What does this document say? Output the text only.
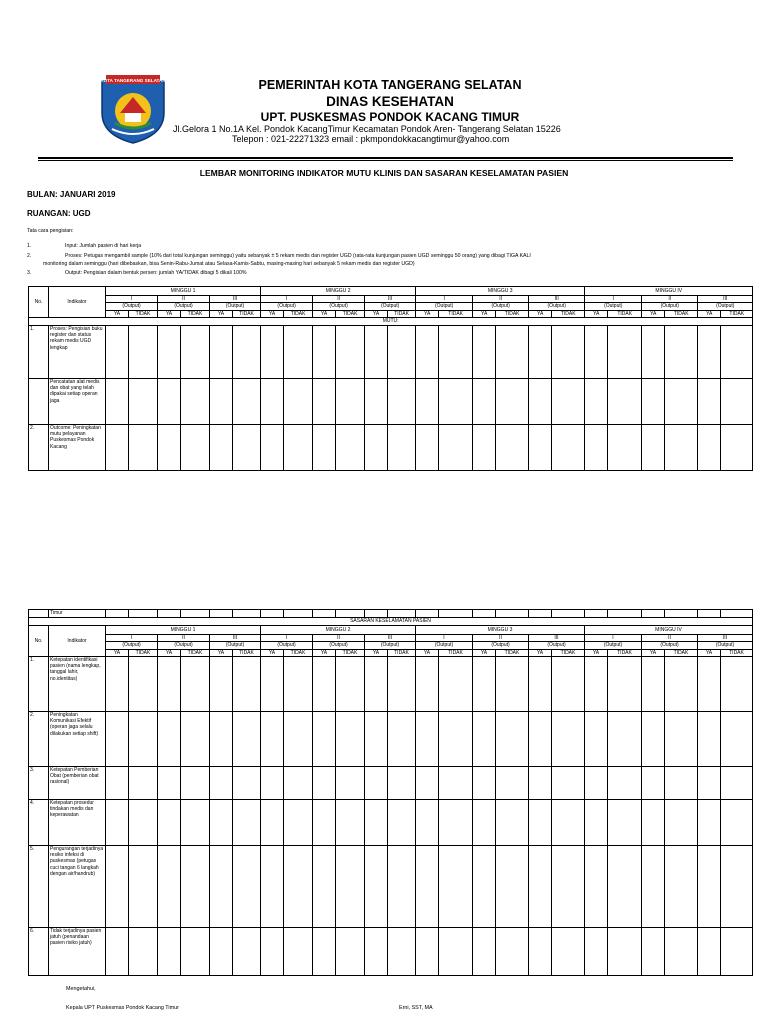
KOTA TANGERANG SELATAN	PEMERINTAH KOTA TANGERANG SELATAN
DINAS KESEHATAN
UPT. PUSKESMAS PONDOK KACANG TIMUR
Jl.Gelora 1 No.1A Kel. Pondok KacangTimur Kecamatan Pondok Aren- Tangerang Selatan 15226
Telepon : 021-22271323 email : pkmpondokkacangtimur@yahoo.com
LEMBAR MONITORING INDIKATOR MUTU KLINIS DAN SASARAN KESELAMATAN PASIEN
BULAN: JANUARI 2019
RUANGAN: UGD
Tata cara pengisian:
1.	Input: Jumlah pasien di hari kerja
2.	Proses: Petugas mengambil sample (10% dari total kunjungan seminggu) yaitu sebanyak ± 5 rekam medis dan register UGD (rata-rata kunjungan pasien UGD seminggu 50 orang) yang dibagi TIGA KALI
monitoring dalam seminggu (hari dibebaskan, bisa Senin-Rabu-Jumat atau Selasa-Kamis-Sabtu, masing-masing hari sebanyak 5 rekam medis dan register UGD)
3.	Output: Pengisian dalam bentuk persen: jumlah YA/TIDAK dibagi 5 dikali 100%
No.	Indikator	MINGGU 1						MINGGU 2						MINGGU 3						MINGGU IV					
		I		II		III		I		II		III		I		II		III		I		II		III	
		(Output)		(Output)		(Output)		(Output)		(Output)		(Output)		(Output)		(Output)		(Output)		(Output)		(Output)		(Output)	
		YA	TIDAK	YA	TIDAK	YA	TIDAK	YA	TIDAK	YA	TIDAK	YA	TIDAK	YA	TIDAK	YA	TIDAK	YA	TIDAK	YA	TIDAK	YA	TIDAK	YA	TIDAK
MUTU:																									
1.	Proses: Pengisian buku register dan status rekam medis UGD lengkap																								
	Pencatatan alat medis dan obat yang telah dipakai setiap operan jaga																								
2.	Outcome: Peningkatan mutu pelayanan Puskesmas Pondok Kacang																								
	Timur																								
SASARAN KESELAMATAN PASIEN																									
No.	Indikator	MINGGU 1						MINGGU 2						MINGGU 3						MINGGU IV					
		I		II		III		I		II		III		I		II		III		I		II		III	
		(Output)		(Output)		(Output)		(Output)		(Output)		(Output)		(Output)		(Output)		(Output)		(Output)		(Output)		(Output)	
		YA	TIDAK	YA	TIDAK	YA	TIDAK	YA	TIDAK	YA	TIDAK	YA	TIDAK	YA	TIDAK	YA	TIDAK	YA	TIDAK	YA	TIDAK	YA	TIDAK	YA	TIDAK
1.	Ketepatan identifikasi pasien (nama lengkap, tanggal lahir, no.identitas)																								
2.	Peningkatan Komunikasi Efektif (operan jaga selalu dilakukan setiap shift)																								
3.	Ketepatan Pemberian Obat (pemberian obat rasional)																								
4.	Ketepatan prosedur tindakan medis dan keperawatan																								
5.	Pengurangan terjadinya resiko infeksi di puskesmas (petugas cuci tangan 6 langkah dengan air/handrub)																								
6.	Tidak terjadinya pasien jatuh (penandaan pasien risiko jatuh)																								
Mengetahui,
Kepala UPT Puskesmas Pondok Kacang Timur	Erni, SST, MA
